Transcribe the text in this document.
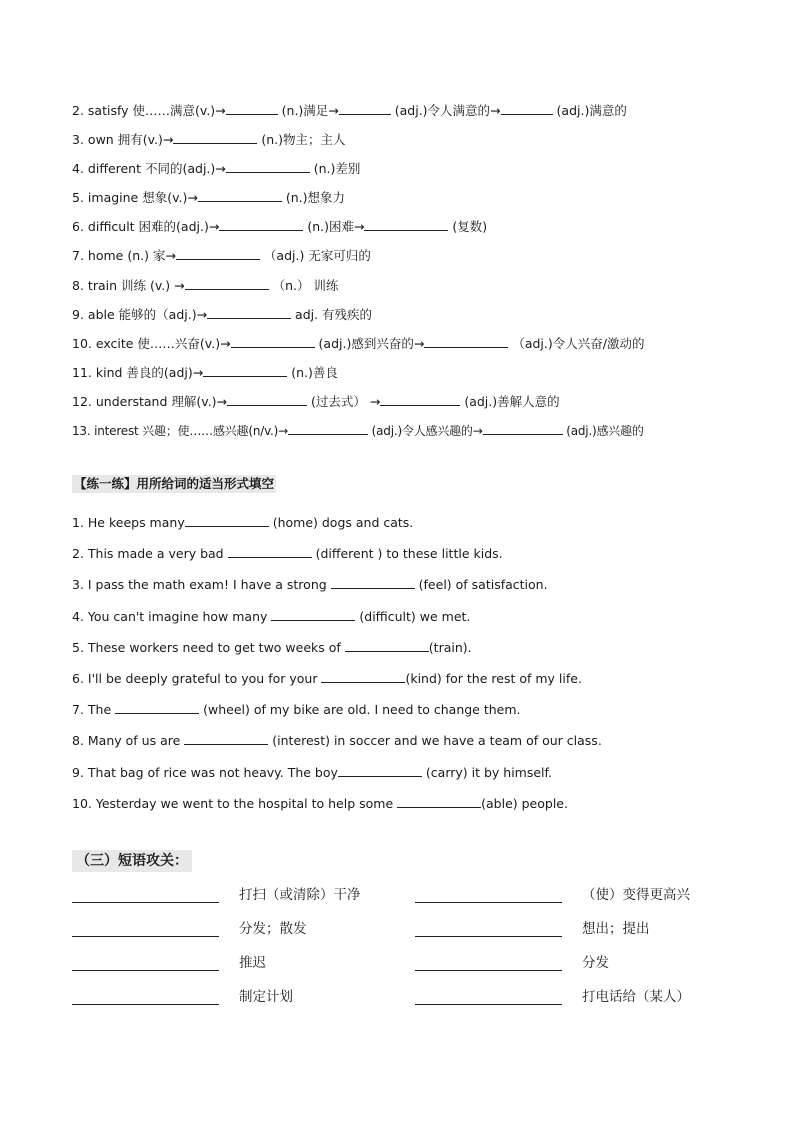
2. satisfy 使……满意(v.)→	(n.)满足→	(adj.)令人满意的→	(adj.)满意的
3. own 拥有(v.)→	(n.)物主；主人
4. different 不同的(adj.)→	(n.)差别
5. imagine 想象(v.)→	(n.)想象力
6. difficult 困难的(adj.)→	(n.)困难→	(复数)
7. home (n.) 家→	（adj.) 无家可归的
8. train 训练 (v.) →	（n.） 训练
9. able 能够的（adj.)→	adj. 有残疾的
10. excite 使……兴奋(v.)→	(adj.)感到兴奋的→	（adj.)令人兴奋/激动的
11. kind 善良的(adj)→	(n.)善良
12. understand 理解(v.)→	(过去式） →	(adj.)善解人意的
13. interest 兴趣；使……感兴趣(n/v.)→	(adj.)令人感兴趣的→	(adj.)感兴趣的
【练一练】用所给词的适当形式填空
1. He keeps many	(home) dogs and cats.
2. This made a very bad	(different ) to these little kids.
3. I pass the math exam! I have a strong	(feel) of satisfaction.
4. You can't imagine how many	(difficult) we met.
5. These workers need to get two weeks of	(train).
6. I'll be deeply grateful to you for your	(kind) for the rest of my life.
7. The	(wheel) of my bike are old. I need to change them.
8. Many of us are	(interest) in soccer and we have a team of our class.
9. That bag of rice was not heavy. The boy	(carry) it by himself.
10. Yesterday we went to the hospital to help some	(able) people.
（三）短语攻关：
打扫（或清除）干净	（使）变得更高兴
分发；散发	想出；提出
推迟	分发
制定计划	打电话给（某人）
